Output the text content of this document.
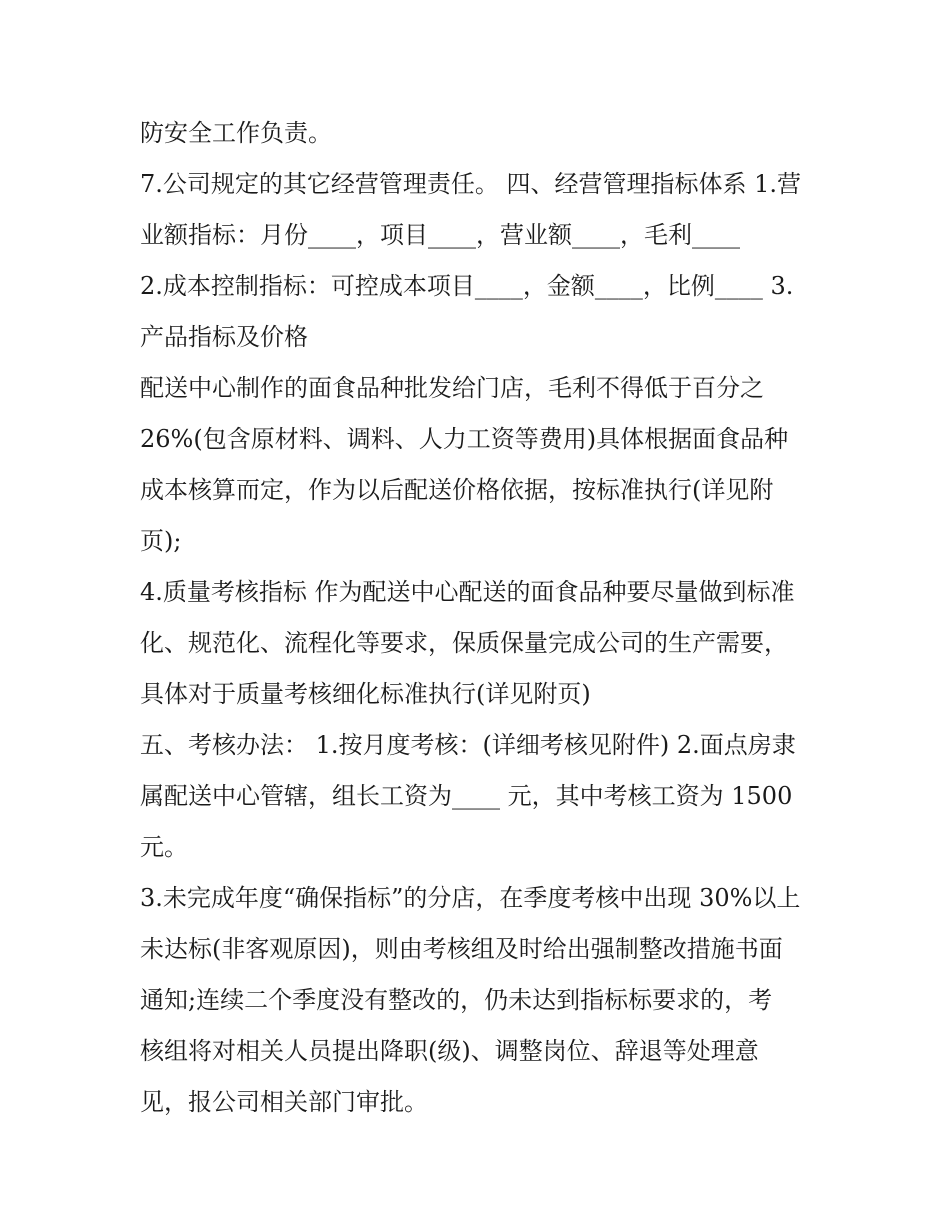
防安全工作负责。
7.公司规定的其它经营管理责任。 四、经营管理指标体系 1.营
业额指标：月份____，项目____，营业额____，毛利____
2.成本控制指标：可控成本项目____，金额____，比例____ 3.
产品指标及价格
配送中心制作的面食品种批发给门店，毛利不得低于百分之
26%(包含原材料、调料、人力工资等费用)具体根据面食品种
成本核算而定，作为以后配送价格依据，按标准执行(详见附
页);
4.质量考核指标 作为配送中心配送的面食品种要尽量做到标准
化、规范化、流程化等要求，保质保量完成公司的生产需要，
具体对于质量考核细化标准执行(详见附页)
五、考核办法： 1.按月度考核：(详细考核见附件) 2.面点房隶
属配送中心管辖，组长工资为____ 元，其中考核工资为 1500
元。
3.未完成年度“确保指标”的分店，在季度考核中出现 30%以上
未达标(非客观原因)，则由考核组及时给出强制整改措施书面
通知;连续二个季度没有整改的，仍未达到指标标要求的，考
核组将对相关人员提出降职(级)、调整岗位、辞退等处理意
见，报公司相关部门审批。
